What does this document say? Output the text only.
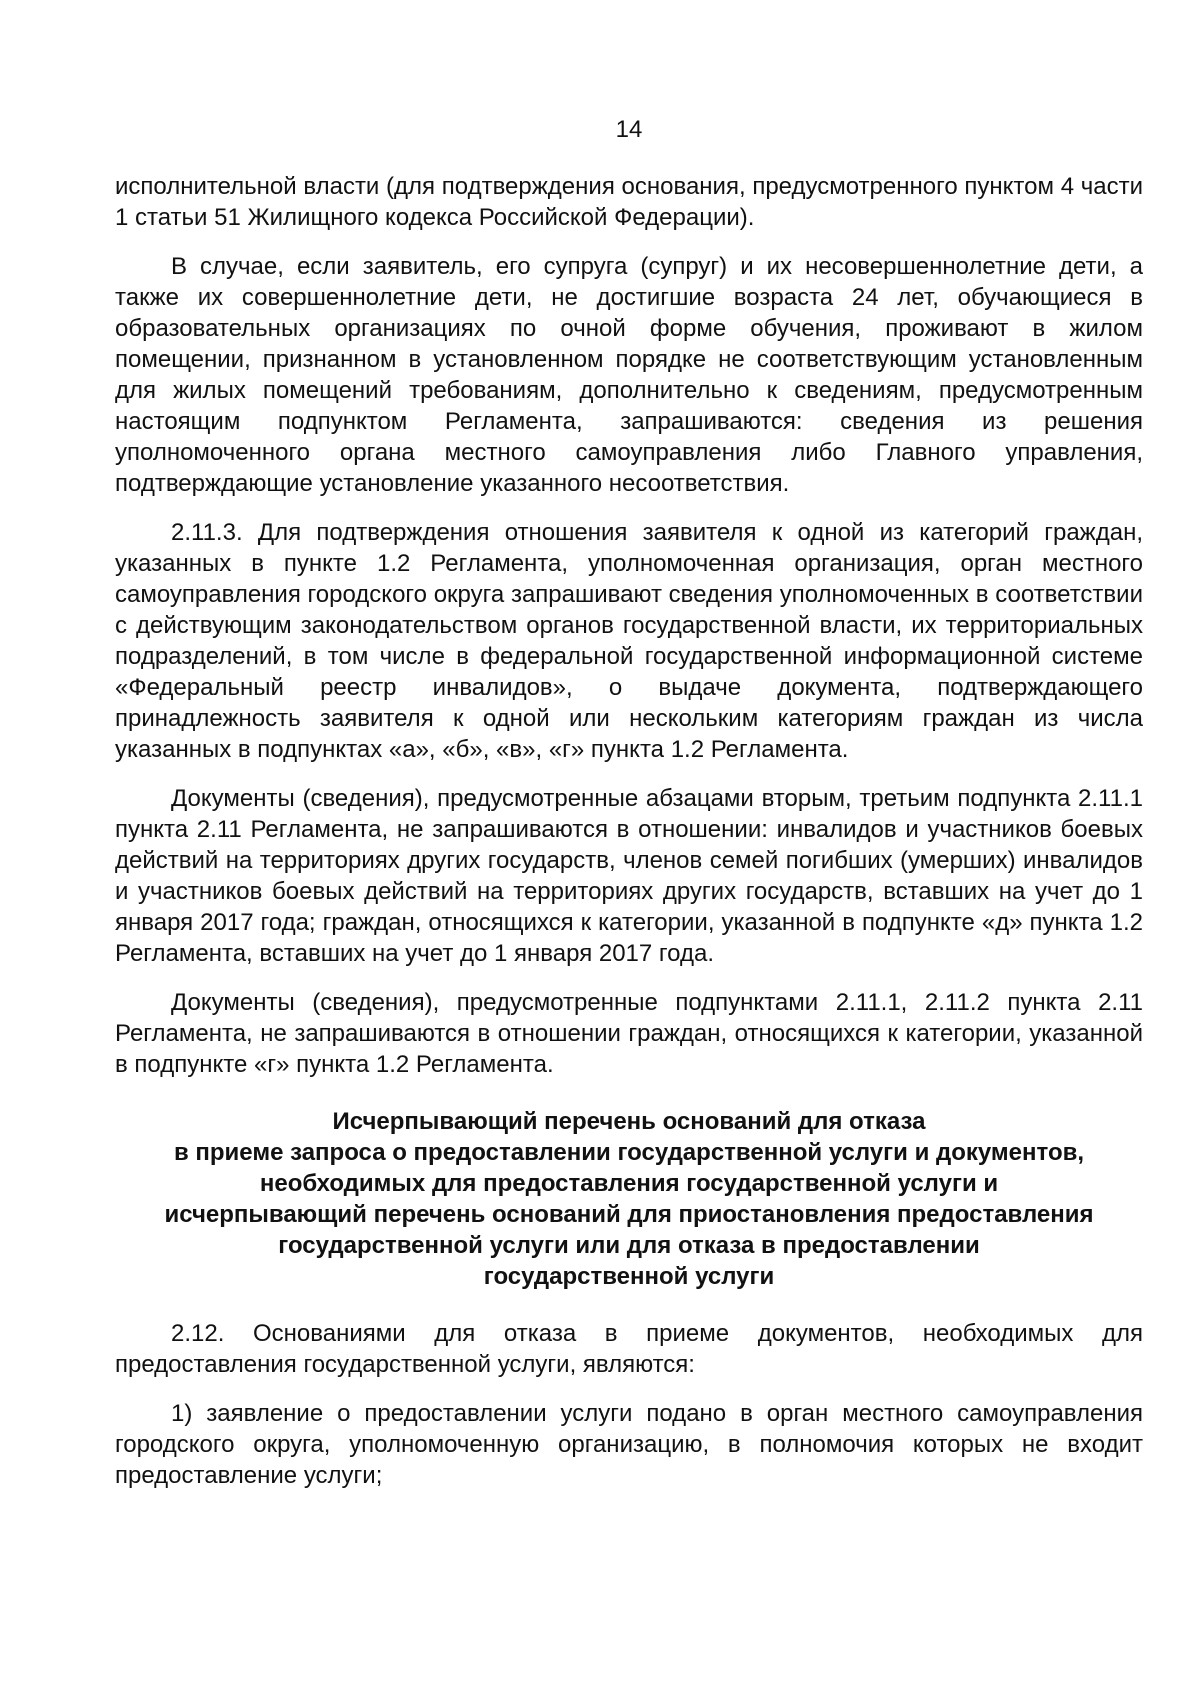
14

исполнительной власти (для подтверждения основания, предусмотренного пунктом 4 части 1 статьи 51 Жилищного кодекса Российской Федерации).

В случае, если заявитель, его супруга (супруг) и их несовершеннолетние дети, а также их совершеннолетние дети, не достигшие возраста 24 лет, обучающиеся в образовательных организациях по очной форме обучения, проживают в жилом помещении, признанном в установленном порядке не соответствующим установленным для жилых помещений требованиям, дополнительно к сведениям, предусмотренным настоящим подпунктом Регламента, запрашиваются: сведения из решения уполномоченного органа местного самоуправления либо Главного управления, подтверждающие установление указанного несоответствия.

2.11.3. Для подтверждения отношения заявителя к одной из категорий граждан, указанных в пункте 1.2 Регламента, уполномоченная организация, орган местного самоуправления городского округа запрашивают сведения уполномоченных в соответствии с действующим законодательством органов государственной власти, их территориальных подразделений, в том числе в федеральной государственной информационной системе «Федеральный реестр инвалидов», о выдаче документа, подтверждающего принадлежность заявителя к одной или нескольким категориям граждан из числа указанных в подпунктах «а», «б», «в», «г» пункта 1.2 Регламента.

Документы (сведения), предусмотренные абзацами вторым, третьим подпункта 2.11.1 пункта 2.11 Регламента, не запрашиваются в отношении: инвалидов и участников боевых действий на территориях других государств, членов семей погибших (умерших) инвалидов и участников боевых действий на территориях других государств, вставших на учет до 1 января 2017 года; граждан, относящихся к категории, указанной в подпункте «д» пункта 1.2 Регламента, вставших на учет до 1 января 2017 года.

Документы (сведения), предусмотренные подпунктами 2.11.1, 2.11.2 пункта 2.11 Регламента, не запрашиваются в отношении граждан, относящихся к категории, указанной в подпункте «г» пункта 1.2 Регламента.

Исчерпывающий перечень оснований для отказа
в приеме запроса о предоставлении государственной услуги и документов,
необходимых для предоставления государственной услуги и
исчерпывающий перечень оснований для приостановления предоставления
государственной услуги или для отказа в предоставлении
государственной услуги

2.12. Основаниями для отказа в приеме документов, необходимых для предоставления государственной услуги, являются:

1) заявление о предоставлении услуги подано в орган местного самоуправления городского округа, уполномоченную организацию, в полномочия которых не входит предоставление услуги;
